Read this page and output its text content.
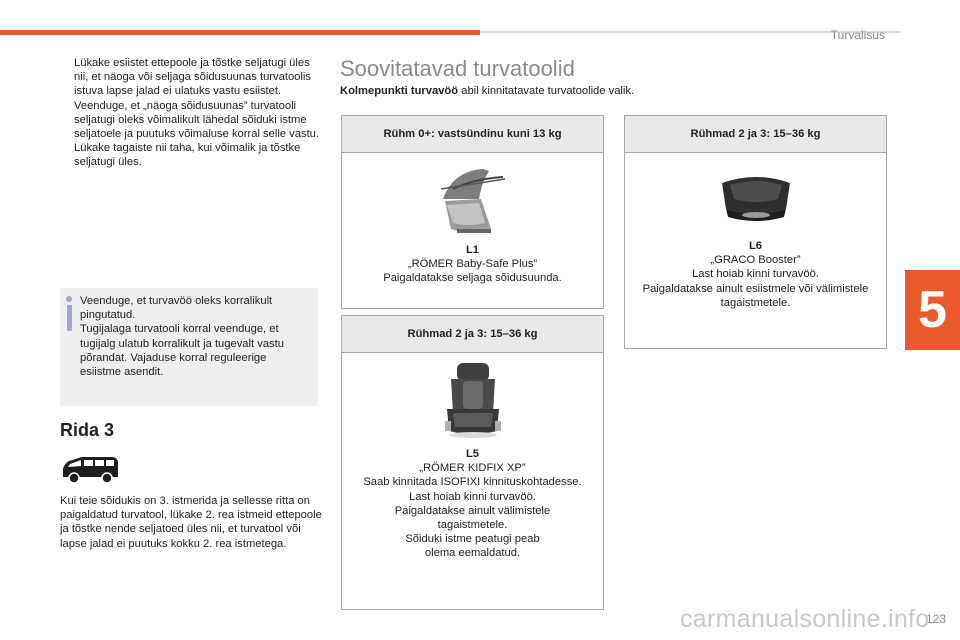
Turvalisus
5
123

Lükake esiistet ettepoole ja tõstke seljatugi üles nii, et näoga või seljaga sõidusuunas turvatoolis istuva lapse jalad ei ulatuks vastu esiistet.

Veenduge, et „näoga sõidusuunas” turvatooli seljatugi oleks võimalikult lähedal sõiduki istme seljatoele ja puutuks võimaluse korral selle vastu.

Lükake tagaiste nii taha, kui võimalik ja tõstke seljatugi üles.

Veenduge, et turvavöö oleks korralikult pingutatud.

Tugijalaga turvatooli korral veenduge, et tugijalg ulatub korralikult ja tugevalt vastu põrandat. Vajaduse korral reguleerige esiistme asendit.

Rida 3
Kui teie sõidukis on 3. istmerida ja sellesse ritta on paigaldatud turvatool, lükake 2. rea istmeid ettepoole ja tõstke nende seljatoed üles nii, et turvatool või lapse jalad ei puutuks kokku 2. rea istmetega.
Soovitatavad turvatoolid
Kolmepunkti turvavöö abil kinnitatavate turvatoolide valik.
Rühm 0+: vastsündinu kuni 13 kg

L1

„RÖMER Baby-Safe Plus”

Paigaldatakse seljaga sõidusuunda.

Rühmad 2 ja 3: 15–36 kg

L5

„RÖMER KIDFIX XP”

Saab kinnitada ISOFIXI kinnituskohtadesse.

Last hoiab kinni turvavöö.

Paigaldatakse ainult välimistele tagaistmetele.

Sõiduki istme peatugi peab olema eemaldatud.

Rühmad 2 ja 3: 15–36 kg

L6

„GRACO Booster”

Last hoiab kinni turvavöö.

Paigaldatakse ainult esiistmele või välimistele tagaistmetele.

carmanualsonline.info
